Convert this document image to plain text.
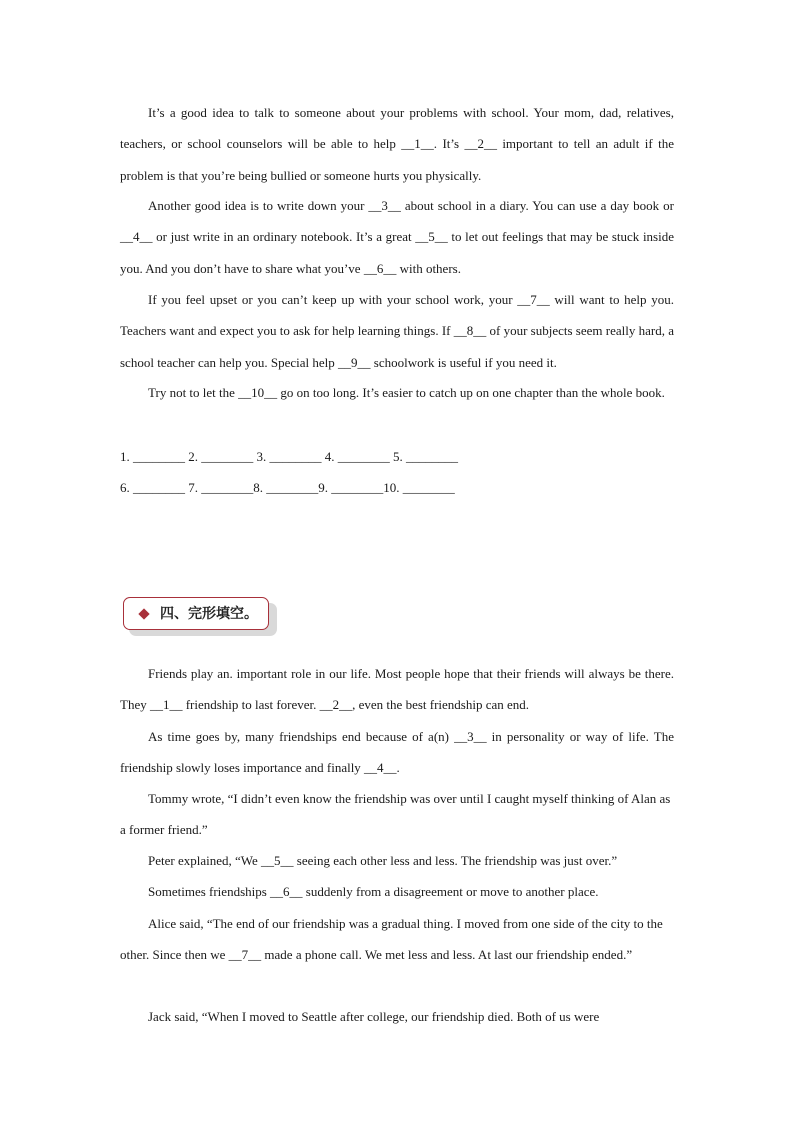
It’s a good idea to talk to someone about your problems with school. Your mom, dad, relatives, teachers, or school counselors will be able to help __1__. It’s __2__ important to tell an adult if the problem is that you’re being bullied or someone hurts you physically.

Another good idea is to write down your __3__ about school in a diary. You can use a day book or __4__ or just write in an ordinary notebook. It’s a great __5__ to let out feelings that may be stuck inside you. And you don’t have to share what you’ve __6__ with others.

If you feel upset or you can’t keep up with your school work, your __7__ will want to help you. Teachers want and expect you to ask for help learning things. If __8__ of your subjects seem really hard, a school teacher can help you. Special help __9__ schoolwork is useful if you need it.

Try not to let the __10__ go on too long. It’s easier to catch up on one chapter than the whole book.

1. ________ 2. ________ 3. ________ 4. ________ 5. ________
6. ________ 7. ________8. ________9. ________10. ________
四、完形填空。

Friends play an. important role in our life. Most people hope that their friends will always be there. They __1__ friendship to last forever. __2__, even the best friendship can end.

As time goes by, many friendships end because of a(n) __3__ in personality or way of life. The friendship slowly loses importance and finally __4__.

Tommy wrote, “I didn’t even know the friendship was over until I caught myself thinking of Alan as a former friend.”

Peter explained, “We __5__ seeing each other less and less. The friendship was just over.”

Sometimes friendships __6__ suddenly from a disagreement or move to another place.

Alice said, “The end of our friendship was a gradual thing. I moved from one side of the city to the other. Since then we __7__ made a phone call. We met less and less. At last our friendship ended.”

Jack said, “When I moved to Seattle after college, our friendship died. Both of us were
